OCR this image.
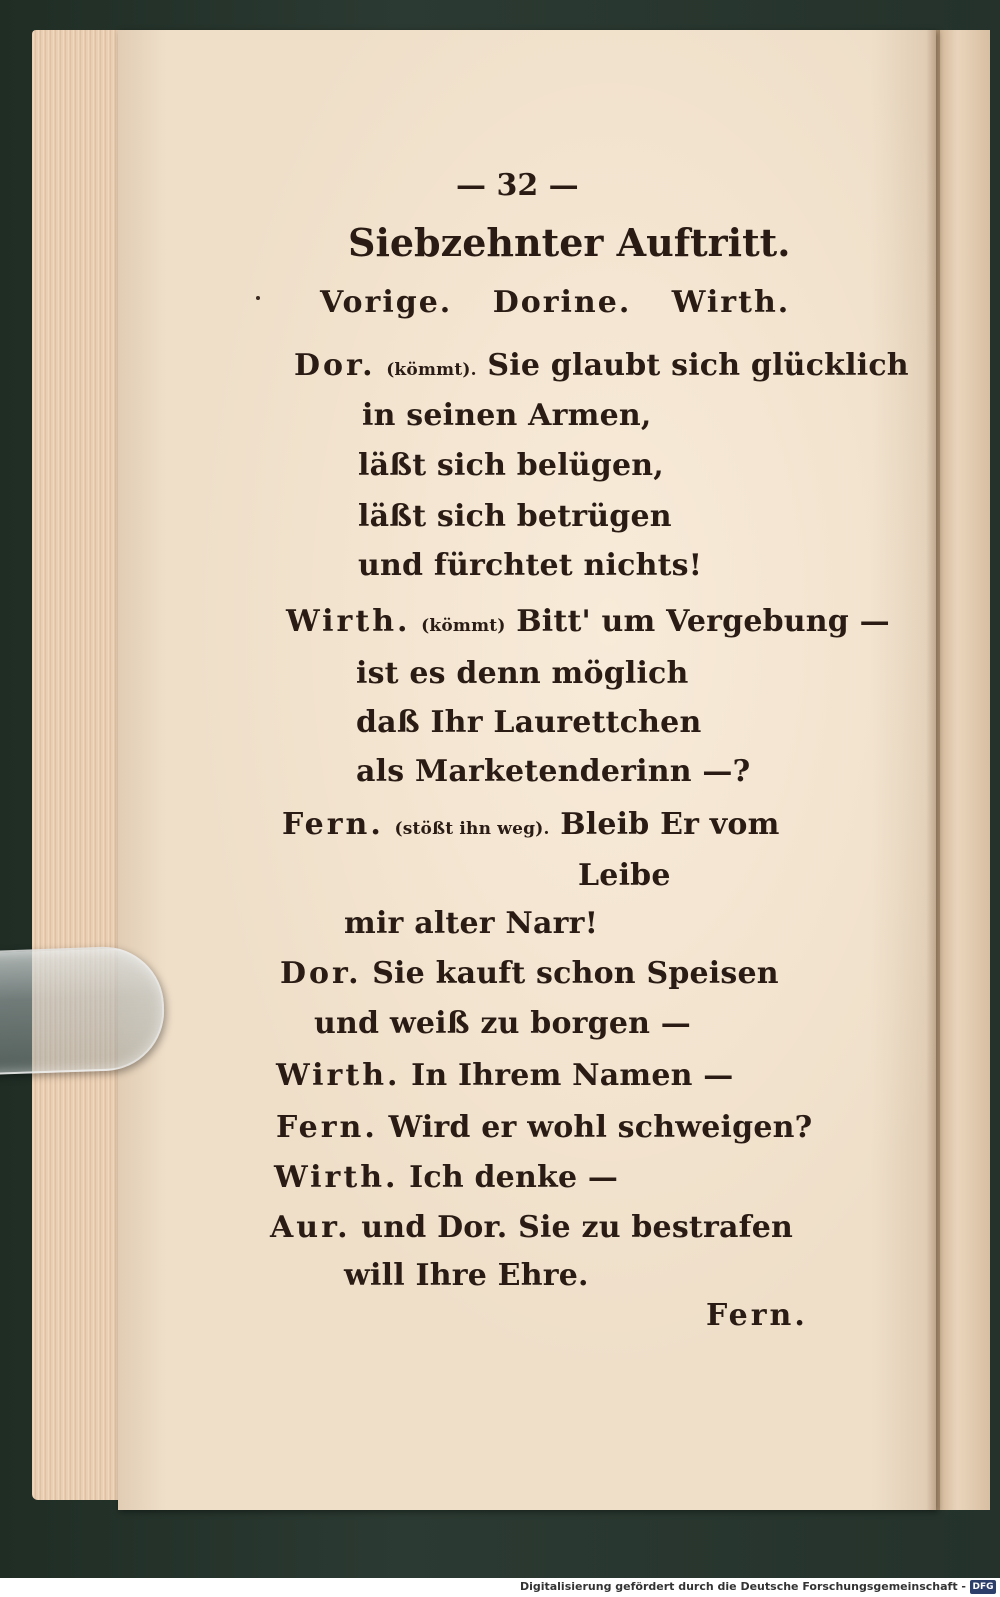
— 32 —
Siebzehnter Auftritt.
Vorige. Dorine. Wirth.
Dor. (kömmt). Sie glaubt sich glücklich
in seinen Armen,
läßt sich belügen,
läßt sich betrügen
und fürchtet nichts!
Wirth. (kömmt) Bitt' um Vergebung —
ist es denn möglich
daß Ihr Laurettchen
als Marketenderinn —?
Fern. (stößt ihn weg). Bleib Er vom
Leibe
mir alter Narr!
Dor. Sie kauft schon Speisen
und weiß zu borgen —
Wirth. In Ihrem Namen —
Fern. Wird er wohl schweigen?
Wirth. Ich denke —
Aur. und Dor. Sie zu bestrafen
will Ihre Ehre.
Fern.
Digitalisierung gefördert durch die Deutsche Forschungsgemeinschaft - DFG
